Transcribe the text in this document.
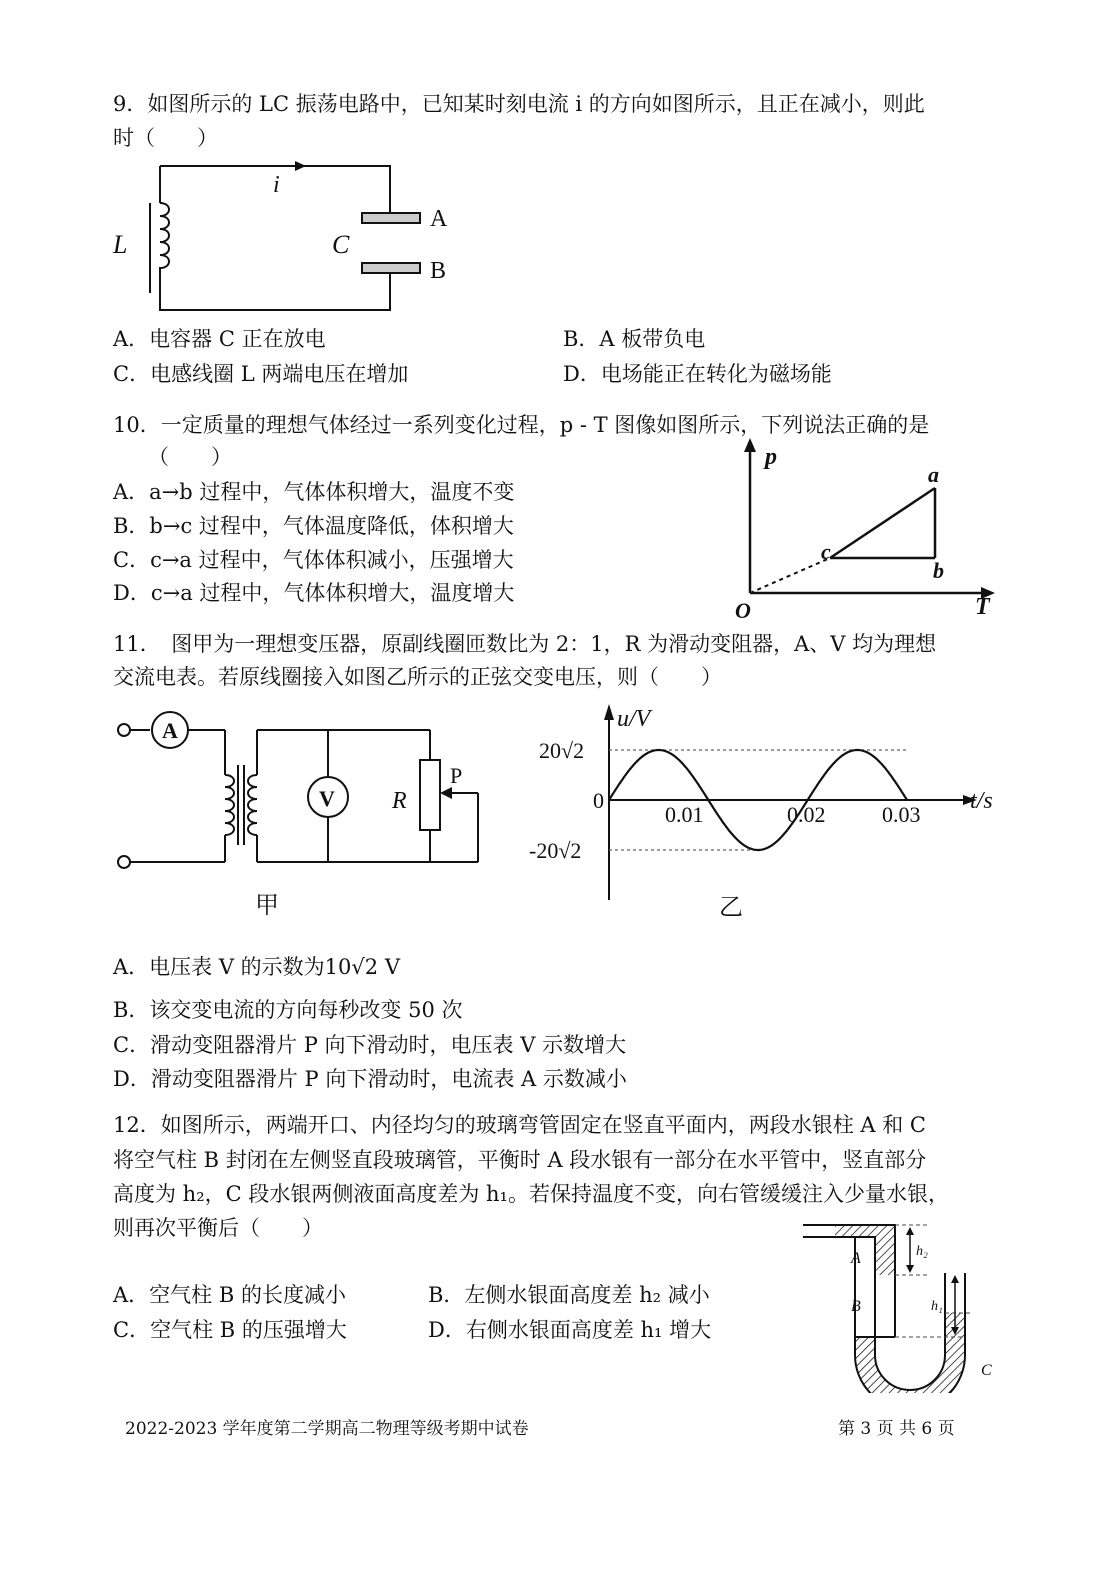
9．如图所示的 LC 振荡电路中，已知某时刻电流 i 的方向如图所示，且正在减小，则此
时（　　）
i
L	C
A
B
A．电容器 C 正在放电	B．A 板带负电
C．电感线圈 L 两端电压在增加	D．电场能正在转化为磁场能
10．一定质量的理想气体经过一系列变化过程，p - T 图像如图所示，下列说法正确的是
（　　）
A．a→b 过程中，气体体积增大，温度不变
B．b→c 过程中，气体温度降低，体积增大
C．c→a 过程中，气体体积减小，压强增大
D．c→a 过程中，气体体积增大，温度增大
p
T
O
a
b
c
11．　图甲为一理想变压器，原副线圈匝数比为 2：1，R 为滑动变阻器，A、V 均为理想
交流电表。若原线圈接入如图乙所示的正弦交变电压，则（　　）
A
V R
P
甲
u/V
t/s
20√2
0
-20√2
0.01	0.02	0.03
乙
A．电压表 V 的示数为10√2 V
B．该交变电流的方向每秒改变 50 次
C．滑动变阻器滑片 P 向下滑动时，电压表 V 示数增大
D．滑动变阻器滑片 P 向下滑动时，电流表 A 示数减小
12．如图所示，两端开口、内径均匀的玻璃弯管固定在竖直平面内，两段水银柱 A 和 C
将空气柱 B 封闭在左侧竖直段玻璃管，平衡时 A 段水银有一部分在水平管中，竖直部分
高度为 h₂，C 段水银两侧液面高度差为 h₁。若保持温度不变，向右管缓缓注入少量水银，
则再次平衡后（　　）
A．空气柱 B 的长度减小	B．左侧水银面高度差 h₂ 减小
C．空气柱 B 的压强增大	D．右侧水银面高度差 h₁ 增大
A
B
C
h₂
h₁
2022-2023 学年度第二学期高二物理等级考期中试卷	第 3 页 共 6 页
